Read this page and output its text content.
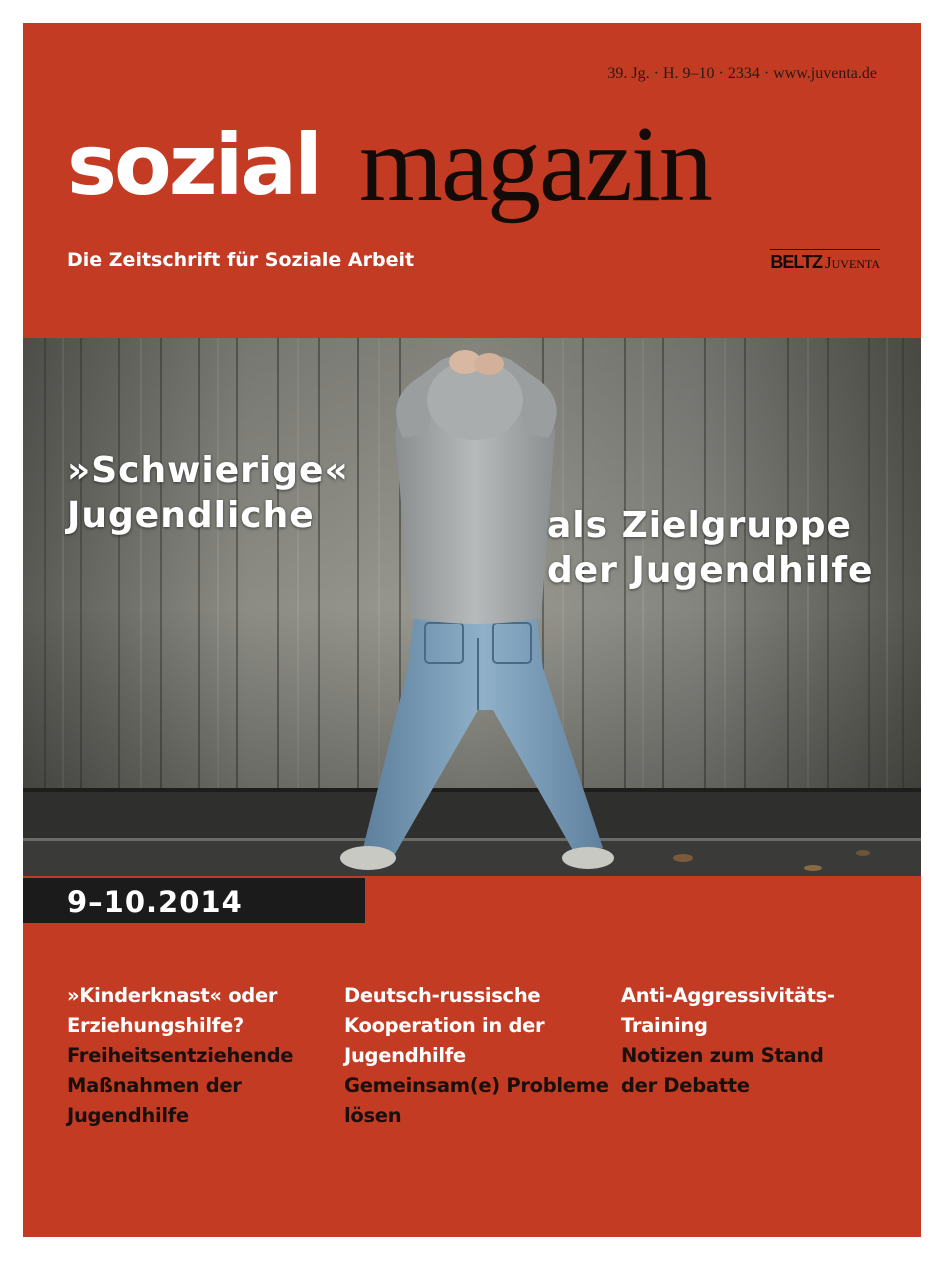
39. Jg. · H. 9–10 · 2334 · www.juventa.de
sozial magazin
Die Zeitschrift für Soziale Arbeit	BELTZ Juventa
»Schwierige«
Jugendliche	als Zielgruppe
der Jugendhilfe
9–10.2014
»Kinderknast« oder
Erziehungshilfe?
Freiheitsentziehende
Maßnahmen der
Jugendhilfe
Deutsch-russische
Kooperation in der
Jugendhilfe
Gemeinsam(e) Probleme
lösen
Anti-Aggressivitäts-
Training
Notizen zum Stand
der Debatte
